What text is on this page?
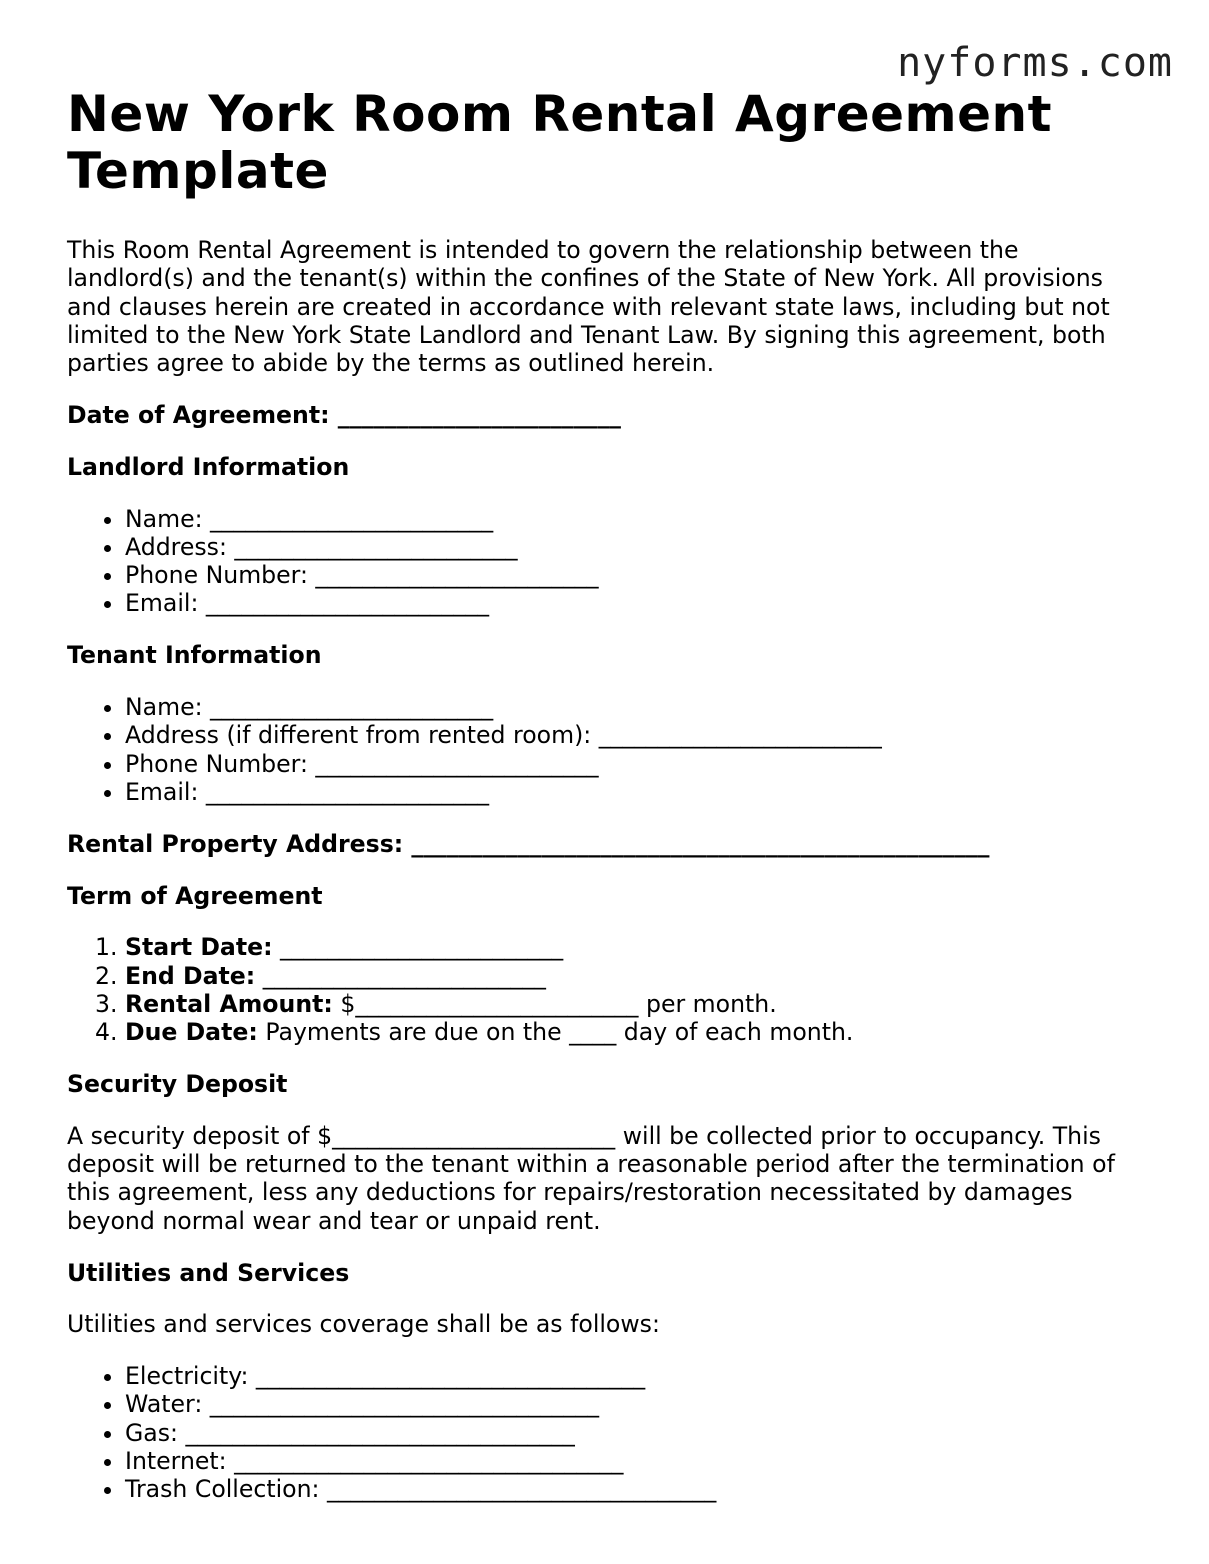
nyforms.com
New York Room Rental Agreement Template

This Room Rental Agreement is intended to govern the relationship between the landlord(s) and the tenant(s) within the confines of the State of New York. All provisions and clauses herein are created in accordance with relevant state laws, including but not limited to the New York State Landlord and Tenant Law. By signing this agreement, both parties agree to abide by the terms as outlined herein.

Date of Agreement: ________________________

Landlord Information

• Name: ________________________
• Address: ________________________
• Phone Number: ________________________
• Email: ________________________

Tenant Information

• Name: ________________________
• Address (if different from rented room): ________________________
• Phone Number: ________________________
• Email: ________________________

Rental Property Address: _________________________________________________

Term of Agreement

1. Start Date: ________________________
2. End Date: ________________________
3. Rental Amount: $________________________ per month.
4. Due Date: Payments are due on the ____ day of each month.

Security Deposit

A security deposit of $________________________ will be collected prior to occupancy. This deposit will be returned to the tenant within a reasonable period after the termination of this agreement, less any deductions for repairs/restoration necessitated by damages beyond normal wear and tear or unpaid rent.

Utilities and Services

Utilities and services coverage shall be as follows:

• Electricity: _________________________________
• Water: _________________________________
• Gas: _________________________________
• Internet: _________________________________
• Trash Collection: _________________________________
